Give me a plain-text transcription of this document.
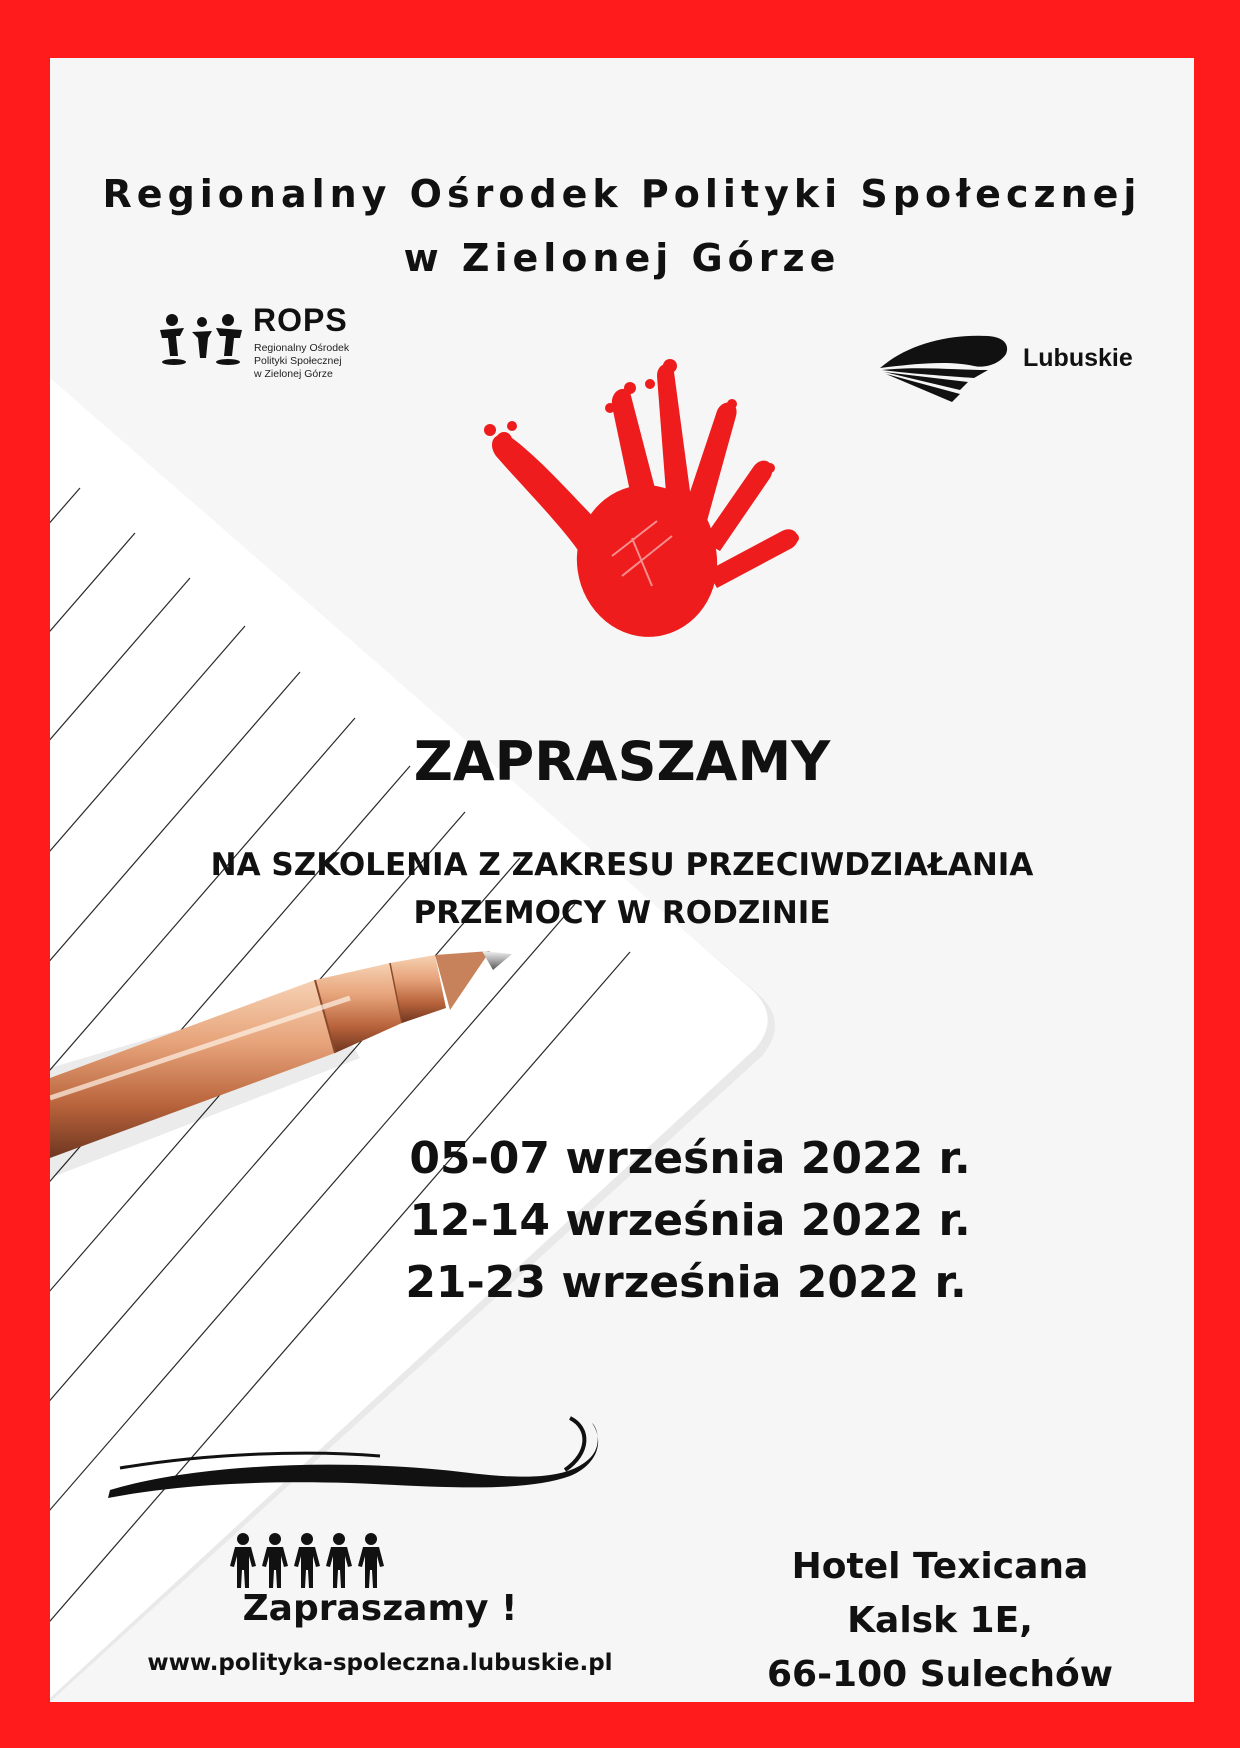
Regionalny Ośrodek Polityki Społecznej
w Zielonej Górze
ROPS
Regionalny Ośrodek
Polityki Społecznej
w Zielonej Górze
Lubuskie
ZAPRASZAMY
NA SZKOLENIA Z ZAKRESU PRZECIWDZIAŁANIA
PRZEMOCY W RODZINIE
05-07 września 2022 r.
12-14 września 2022 r.
21-23 września 2022 r.
Zapraszamy !
www.polityka-spoleczna.lubuskie.pl
Hotel Texicana
Kalsk 1E,
66-100 Sulechów
